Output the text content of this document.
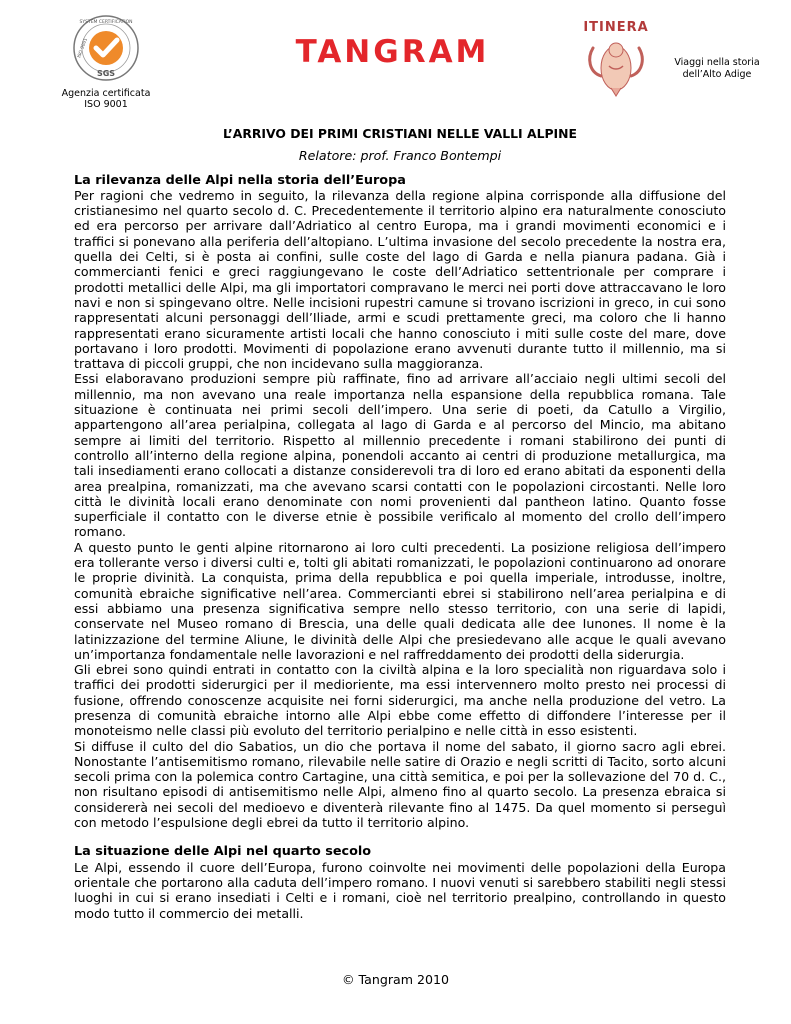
SGS
SYSTEM CERTIFICATION
ISO 9001
Agenzia certificata
ISO 9001
TANGRAM
ITINERA
Viaggi nella storia
dell’Alto Adige

L’ARRIVO DEI PRIMI CRISTIANI NELLE VALLI ALPINE

Relatore: prof. Franco Bontempi

La rilevanza delle Alpi nella storia dell’Europa

Per ragioni che vedremo in seguito, la rilevanza della regione alpina corrisponde alla diffusione del cristianesimo nel quarto secolo d. C. Precedentemente il territorio alpino era naturalmente conosciuto ed era percorso per arrivare dall’Adriatico al centro Europa, ma i grandi movimenti economici e i traffici si ponevano alla periferia dell’altopiano. L’ultima invasione del secolo precedente la nostra era, quella dei Celti, si è posta ai confini, sulle coste del lago di Garda e nella pianura padana. Già i commercianti fenici e greci raggiungevano le coste dell’Adriatico settentrionale per comprare i prodotti metallici delle Alpi, ma gli importatori compravano le merci nei porti dove attraccavano le loro navi e non si spingevano oltre. Nelle incisioni rupestri camune si trovano iscrizioni in greco, in cui sono rappresentati alcuni personaggi dell’Iliade, armi e scudi prettamente greci, ma coloro che li hanno rappresentati erano sicuramente artisti locali che hanno conosciuto i miti sulle coste del mare, dove portavano i loro prodotti. Movimenti di popolazione erano avvenuti durante tutto il millennio, ma si trattava di piccoli gruppi, che non incidevano sulla maggioranza.

Essi elaboravano produzioni sempre più raffinate, fino ad arrivare all’acciaio negli ultimi secoli del millennio, ma non avevano una reale importanza nella espansione della repubblica romana. Tale situazione è continuata nei primi secoli dell’impero. Una serie di poeti, da Catullo a Virgilio, appartengono all’area perialpina, collegata al lago di Garda e al percorso del Mincio, ma abitano sempre ai limiti del territorio. Rispetto al millennio precedente i romani stabilirono dei punti di controllo all’interno della regione alpina, ponendoli accanto ai centri di produzione metallurgica, ma tali insediamenti erano collocati a distanze considerevoli tra di loro ed erano abitati da esponenti della area prealpina, romanizzati, ma che avevano scarsi contatti con le popolazioni circostanti. Nelle loro città le divinità locali erano denominate con nomi provenienti dal pantheon latino. Quanto fosse superficiale il contatto con le diverse etnie è possibile verificalo al momento del crollo dell’impero romano.

A questo punto le genti alpine ritornarono ai loro culti precedenti. La posizione religiosa dell’impero era tollerante verso i diversi culti e, tolti gli abitati romanizzati, le popolazioni continuarono ad onorare le proprie divinità. La conquista, prima della repubblica e poi quella imperiale, introdusse, inoltre, comunità ebraiche significative nell’area. Commercianti ebrei si stabilirono nell’area perialpina e di essi abbiamo una presenza significativa sempre nello stesso territorio, con una serie di lapidi, conservate nel Museo romano di Brescia, una delle quali dedicata alle dee Iunones. Il nome è la latinizzazione del termine Aliune, le divinità delle Alpi che presiedevano alle acque le quali avevano un’importanza fondamentale nelle lavorazioni e nel raffreddamento dei prodotti della siderurgia.

Gli ebrei sono quindi entrati in contatto con la civiltà alpina e la loro specialità non riguardava solo i traffici dei prodotti siderurgici per il medioriente, ma essi intervennero molto presto nei processi di fusione, offrendo conoscenze acquisite nei forni siderurgici, ma anche nella produzione del vetro. La presenza di comunità ebraiche intorno alle Alpi ebbe come effetto di diffondere l’interesse per il monoteismo nelle classi più evoluto del territorio perialpino e nelle città in esso esistenti.

Si diffuse il culto del dio Sabatios, un dio che portava il nome del sabato, il giorno sacro agli ebrei. Nonostante l’antisemitismo romano, rilevabile nelle satire di Orazio e negli scritti di Tacito, sorto alcuni secoli prima con la polemica contro Cartagine, una città semitica, e poi per la sollevazione del 70 d. C., non risultano episodi di antisemitismo nelle Alpi, almeno fino al quarto secolo. La presenza ebraica si considererà nei secoli del medioevo e diventerà rilevante fino al 1475. Da quel momento si perseguì con metodo l’espulsione degli ebrei da tutto il territorio alpino.

La situazione delle Alpi nel quarto secolo

Le Alpi, essendo il cuore dell’Europa, furono coinvolte nei movimenti delle popolazioni della Europa orientale che portarono alla caduta dell’impero romano. I nuovi venuti si sarebbero stabiliti negli stessi luoghi in cui si erano insediati i Celti e i romani, cioè nel territorio prealpino, controllando in questo modo tutto il commercio dei metalli.

© Tangram 2010
